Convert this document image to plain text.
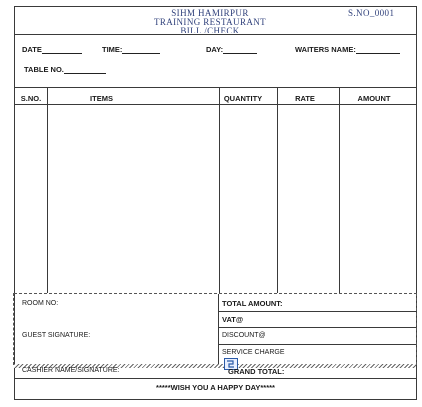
SIHM HAMIRPUR
TRAINING RESTAURANT
BILL /CHECK
S.NO_0001
DATE	TIME:	DAY:	WAITERS NAME:
TABLE NO.
S.NO.	ITEMS	QUANTITY	RATE	AMOUNT
ROOM NO:
GUEST SIGNATURE:
TOTAL AMOUNT:
VAT@
DISCOUNT@
SERVICE CHARGE
CASHIER NAME/SIGNATURE:	GRAND TOTAL:
*****WISH YOU A HAPPY DAY*****
